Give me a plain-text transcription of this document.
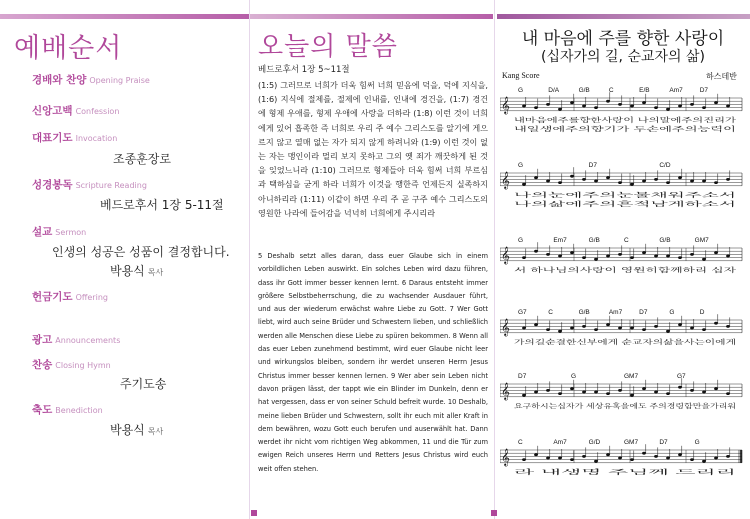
예배순서
경배와 찬양 Opening Praise
신앙고백 Confession
대표기도 Invocation
조종훈장로
성경봉독 Scripture Reading
베드로후서 1장 5-11절
설교 Sermon
인생의 성공은 성품이 결정합니다.
박용식 목사
헌금기도 Offering
광고 Announcements
찬송 Closing Hymn
주기도송
축도 Benediction
박용식 목사
오늘의 말씀
베드로후서 1장 5~11절
(1:5) 그러므로 너희가 더욱 힘써 너희 믿음에 덕을, 덕에 지식을, (1:6) 지식에 절제를, 절제에 인내를, 인내에 경건을, (1:7) 경건에 형제 우애를, 형제 우애에 사랑을 더하라 (1:8) 이런 것이 너희에게 있어 흡족한 즉 너희로 우리 주 예수 그리스도를 알기에 게으르지 않고 열매 없는 자가 되지 않게 하려니와 (1:9) 이런 것이 없는 자는 맹인이라 멀리 보지 못하고 그의 옛 죄가 깨끗하게 된 것을 잊었느니라 (1:10) 그러므로 형제들아 더욱 힘써 너희 부르심과 택하심을 굳게 하라 너희가 이것을 행한즉 언제든지 실족하지 아니하리라 (1:11) 이같이 하면 우리 주 곧 구주 예수 그리스도의 영원한 나라에 들어감을 넉넉히 너희에게 주시리라
5 Deshalb setzt alles daran, dass euer Glaube sich in einem vorbildlichen Leben auswirkt. Ein solches Leben wird dazu führen, dass ihr Gott immer besser kennen lernt. 6 Daraus entsteht immer größere Selbstbeherrschung, die zu wachsender Ausdauer führt, und aus der wiederum erwächst wahre Liebe zu Gott. 7 Wer Gott liebt, wird auch seine Brüder und Schwestern lieben, und schließlich werden alle Menschen diese Liebe zu spüren bekommen. 8 Wenn all das euer Leben zunehmend bestimmt, wird euer Glaube nicht leer und wirkungslos bleiben, sondern ihr werdet unseren Herrn Jesus Christus immer besser kennen lernen. 9 Wer aber sein Leben nicht davon prägen lässt, der tappt wie ein Blinder im Dunkeln, denn er hat vergessen, dass er von seiner Schuld befreit wurde. 10 Deshalb, meine lieben Brüder und Schwestern, sollt ihr euch mit aller Kraft in dem bewähren, wozu Gott euch berufen und auserwählt hat. Dann werdet ihr nicht vom richtigen Weg abkommen, 11 und die Tür zum ewigen Reich unseres Herrn und Retters Jesus Christus wird euch weit offen stehen.
내 마음에 주를 향한 사랑이
(십자가의 길, 순교자의 삶)
Kang Score	하스데반
G	D/A	G/B	C	E/B	Am7	D7
𝄞
내마음에주를향한사랑이 나의말에주의진리가
내일생에주의향기가 두손에주의능력이
G	D7	C/D
𝄞
나의눈에주의눈물채워주소서
나의삶에주의흔적남게하소서
G	Em7	G/B	C	G/B	GM7
𝄞
서 하나님의사랑이 영원히함께하리 십자
G7	C	G/B	Am7	D7	G	D
𝄞
가의길순결한신부에게 순교자의삶을사는이에게
D7	G	GM7	G7
𝄞
요구하시는십자가 세상유혹을에도 주의경령함만을가리워
C	Am7	G/D	GM7	D7	G
𝄞
라 내생명 주님께 드리리
